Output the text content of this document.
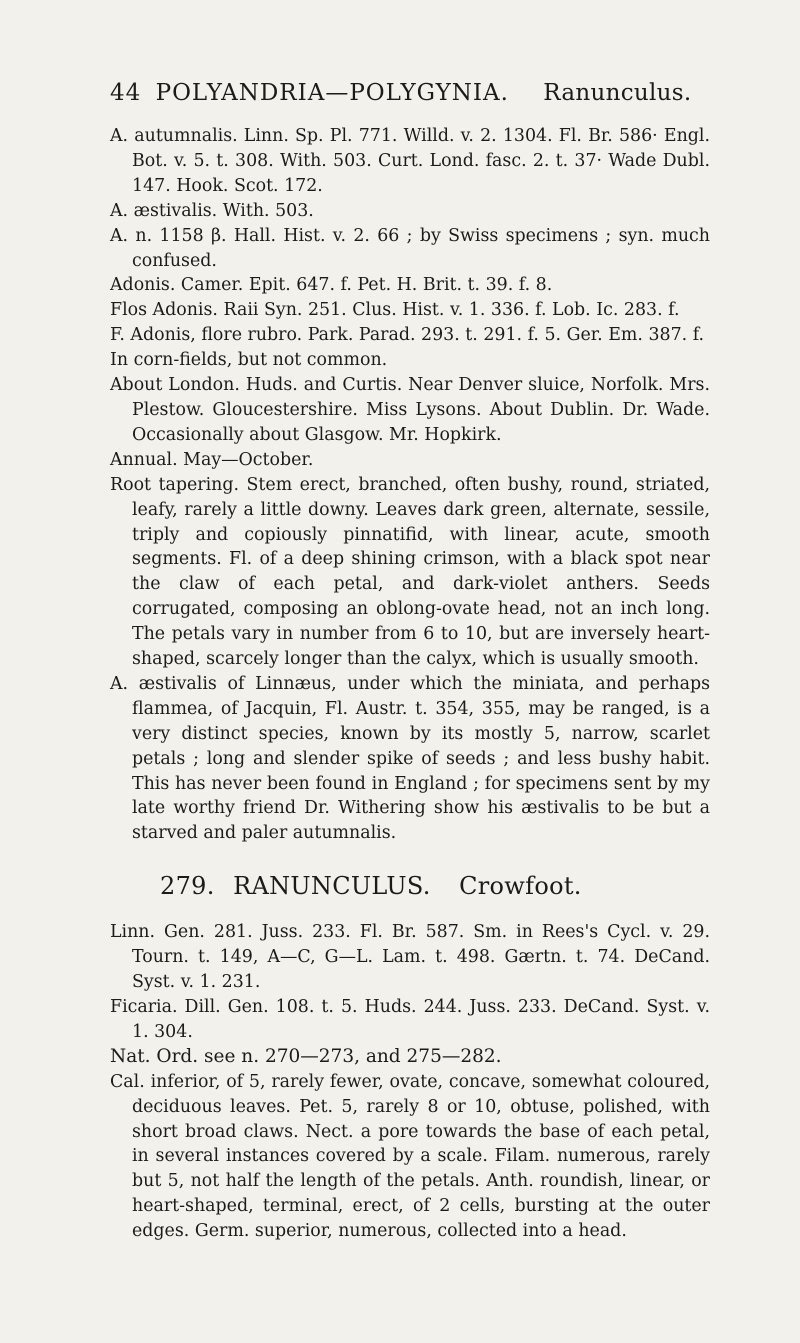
44 POLYANDRIA—POLYGYNIA. Ranunculus.

A. autumnalis. Linn. Sp. Pl. 771. Willd. v. 2. 1304. Fl. Br. 586· Engl. Bot. v. 5. t. 308. With. 503. Curt. Lond. fasc. 2. t. 37· Wade Dubl. 147. Hook. Scot. 172.

A. æstivalis. With. 503.

A. n. 1158 β. Hall. Hist. v. 2. 66 ; by Swiss specimens ; syn. much confused.

Adonis. Camer. Epit. 647. f. Pet. H. Brit. t. 39. f. 8.

Flos Adonis. Raii Syn. 251. Clus. Hist. v. 1. 336. f. Lob. Ic. 283. f.

F. Adonis, flore rubro. Park. Parad. 293. t. 291. f. 5. Ger. Em. 387. f.

In corn-fields, but not common.

About London. Huds. and Curtis. Near Denver sluice, Norfolk. Mrs. Plestow. Gloucestershire. Miss Lysons. About Dublin. Dr. Wade. Occasionally about Glasgow. Mr. Hopkirk.

Annual. May—October.

Root tapering. Stem erect, branched, often bushy, round, striated, leafy, rarely a little downy. Leaves dark green, alternate, sessile, triply and copiously pinnatifid, with linear, acute, smooth segments. Fl. of a deep shining crimson, with a black spot near the claw of each petal, and dark-violet anthers. Seeds corrugated, composing an oblong-ovate head, not an inch long. The petals vary in number from 6 to 10, but are inversely heart-shaped, scarcely longer than the calyx, which is usually smooth.

A. æstivalis of Linnæus, under which the miniata, and perhaps flammea, of Jacquin, Fl. Austr. t. 354, 355, may be ranged, is a very distinct species, known by its mostly 5, narrow, scarlet petals ; long and slender spike of seeds ; and less bushy habit. This has never been found in England ; for specimens sent by my late worthy friend Dr. Withering show his æstivalis to be but a starved and paler autumnalis.

279. RANUNCULUS. Crowfoot.

Linn. Gen. 281. Juss. 233. Fl. Br. 587. Sm. in Rees's Cycl. v. 29. Tourn. t. 149, A—C, G—L. Lam. t. 498. Gærtn. t. 74. DeCand. Syst. v. 1. 231.

Ficaria. Dill. Gen. 108. t. 5. Huds. 244. Juss. 233. DeCand. Syst. v. 1. 304.

Nat. Ord. see n. 270—273, and 275—282.

Cal. inferior, of 5, rarely fewer, ovate, concave, somewhat coloured, deciduous leaves. Pet. 5, rarely 8 or 10, obtuse, polished, with short broad claws. Nect. a pore towards the base of each petal, in several instances covered by a scale. Filam. numerous, rarely but 5, not half the length of the petals. Anth. roundish, linear, or heart-shaped, terminal, erect, of 2 cells, bursting at the outer edges. Germ. superior, numerous, collected into a head.
